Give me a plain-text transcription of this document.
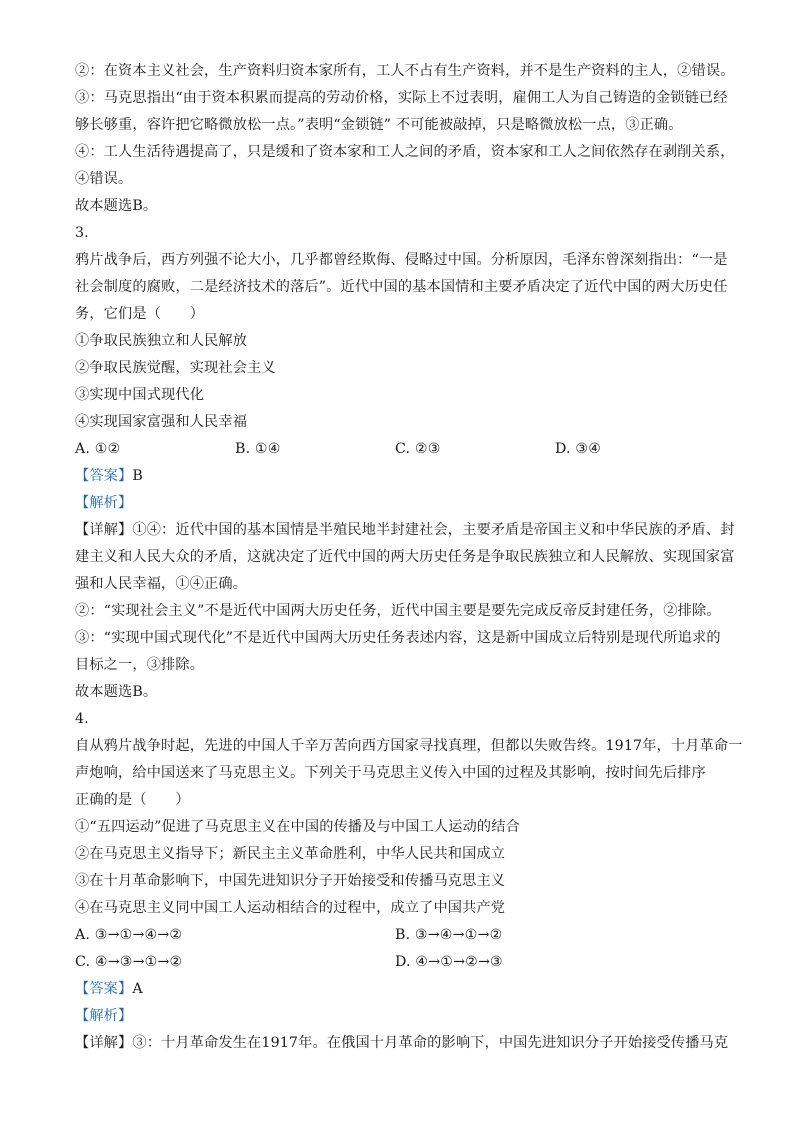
②：在资本主义社会，生产资料归资本家所有，工人不占有生产资料，并不是生产资料的主人，②错误。
③：马克思指出“由于资本积累而提高的劳动价格，实际上不过表明，雇佣工人为自己铸造的金锁链已经
够长够重，容许把它略微放松一点。”表明“金锁链” 不可能被敲掉，只是略微放松一点，③正确。
④：工人生活待遇提高了，只是缓和了资本家和工人之间的矛盾，资本家和工人之间依然存在剥削关系，
④错误。
故本题选B。
3.
鸦片战争后，西方列强不论大小，几乎都曾经欺侮、侵略过中国。分析原因，毛泽东曾深刻指出：“一是
社会制度的腐败，二是经济技术的落后”。近代中国的基本国情和主要矛盾决定了近代中国的两大历史任
务，它们是（　　）
①争取民族独立和人民解放
②争取民族觉醒，实现社会主义
③实现中国式现代化
④实现国家富强和人民幸福
A. ①②	B. ①④	C. ②③	D. ③④
【答案】B
【解析】
【详解】①④：近代中国的基本国情是半殖民地半封建社会，主要矛盾是帝国主义和中华民族的矛盾、封
建主义和人民大众的矛盾，这就决定了近代中国的两大历史任务是争取民族独立和人民解放、实现国家富
强和人民幸福，①④正确。
②：“实现社会主义”不是近代中国两大历史任务，近代中国主要是要先完成反帝反封建任务，②排除。
③：“实现中国式现代化”不是近代中国两大历史任务表述内容，这是新中国成立后特别是现代所追求的
目标之一，③排除。
故本题选B。
4.
自从鸦片战争时起，先进的中国人千辛万苦向西方国家寻找真理，但都以失败告终。1917年，十月革命一
声炮响，给中国送来了马克思主义。下列关于马克思主义传入中国的过程及其影响，按时间先后排序
正确的是（　　）
①“五四运动”促进了马克思主义在中国的传播及与中国工人运动的结合
②在马克思主义指导下；新民主主义革命胜利，中华人民共和国成立
③在十月革命影响下，中国先进知识分子开始接受和传播马克思主义
④在马克思主义同中国工人运动相结合的过程中，成立了中国共产党
A. ③→①→④→②	B. ③→④→①→②
C. ④→③→①→②	D. ④→①→②→③
【答案】A
【解析】
【详解】③：十月革命发生在1917年。在俄国十月革命的影响下，中国先进知识分子开始接受传播马克
